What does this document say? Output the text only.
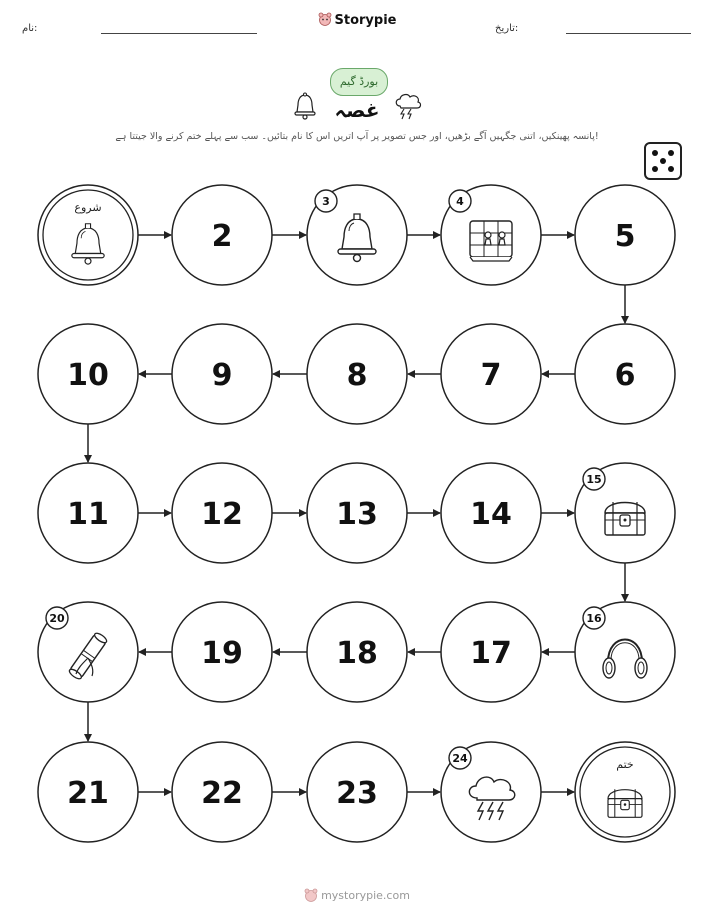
نام:
Storypie
تاریخ:
بورڈ گیم
غصہ
پانسہ پھینکیں، اتنی جگہیں آگے بڑھیں، اور جس تصویر پر آپ اتریں اس کا نام بتائیں۔ سب سے پہلے ختم کرنے والا جیتتا ہے!
شروع
2
3	4
5
6
7
8
9
10
11	12	13	14
15
16
17
18
19
20
21	22	23
24	ختم
mystorypie.com
